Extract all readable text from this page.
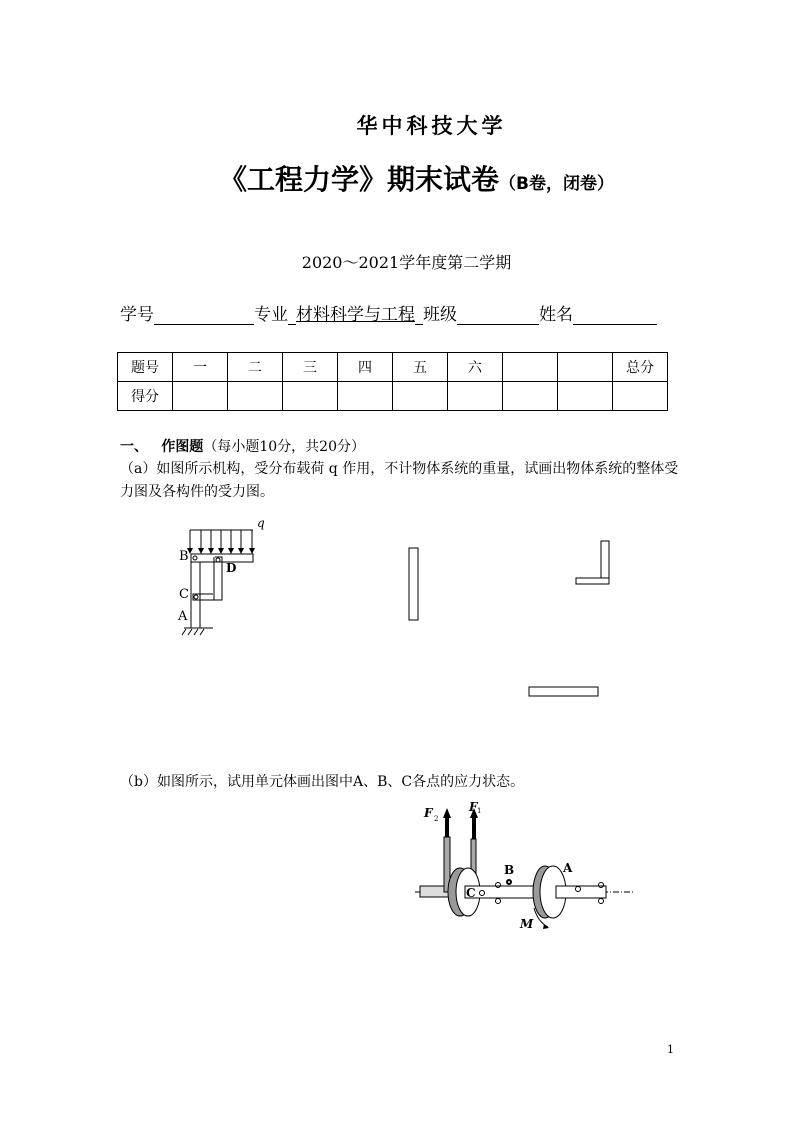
华中科技大学
《工程力学》期末试卷（B卷，闭卷）
2020～2021学年度第二学期
学号	专业 材料科学与工程 班级	姓名
题号	一	二	三	四	五	六			总分
得分									
一、 作图题（每小题10分，共20分）
（a）如图所示机构，受分布载荷 q 作用，不计物体系统的重量，试画出物体系统的整体受力图及各构件的受力图。
q
B
D
C
A
（b）如图所示，试用单元体画出图中A、B、C各点的应力状态。
F 2
F 1
B	A
C
M
1
